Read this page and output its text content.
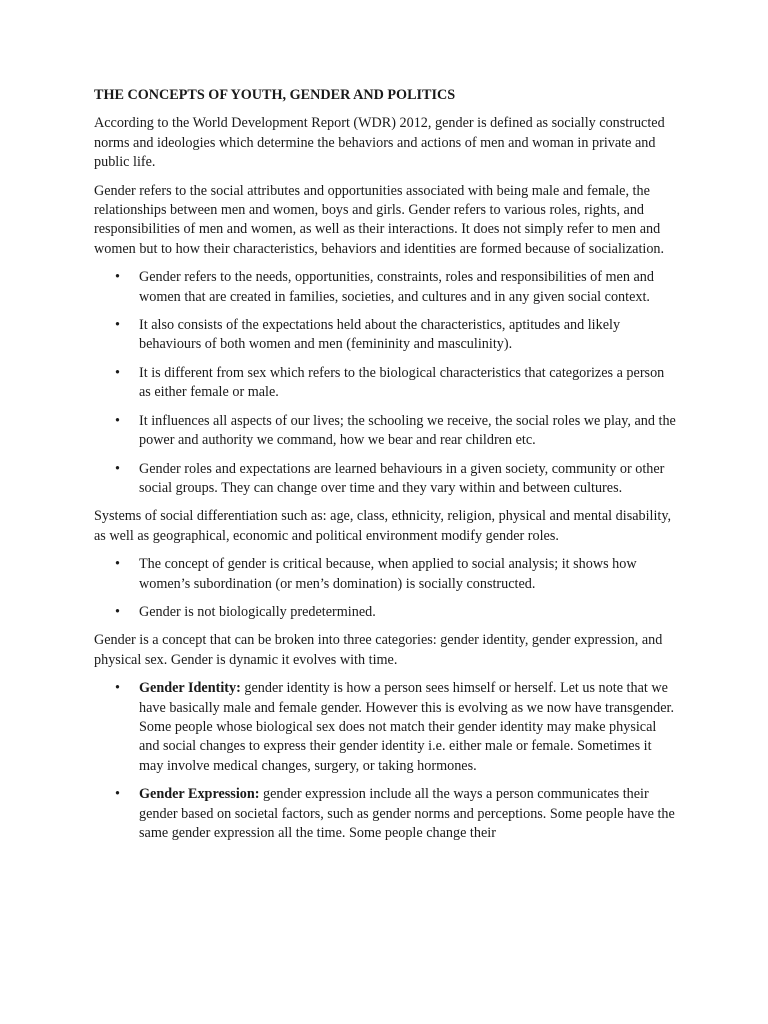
THE CONCEPTS OF YOUTH, GENDER AND POLITICS

According to the World Development Report (WDR) 2012, gender is defined as socially constructed norms and ideologies which determine the behaviors and actions of men and woman in private and public life.

Gender refers to the social attributes and opportunities associated with being male and female, the relationships between men and women, boys and girls. Gender refers to various roles, rights, and responsibilities of men and women, as well as their interactions. It does not simply refer to men and women but to how their characteristics, behaviors and identities are formed because of socialization.

• Gender refers to the needs, opportunities, constraints, roles and responsibilities of men and women that are created in families, societies, and cultures and in any given social context.
• It also consists of the expectations held about the characteristics, aptitudes and likely behaviours of both women and men (femininity and masculinity).
• It is different from sex which refers to the biological characteristics that categorizes a person as either female or male.
• It influences all aspects of our lives; the schooling we receive, the social roles we play, and the power and authority we command, how we bear and rear children etc.
• Gender roles and expectations are learned behaviours in a given society, community or other social groups. They can change over time and they vary within and between cultures.

Systems of social differentiation such as: age, class, ethnicity, religion, physical and mental disability, as well as geographical, economic and political environment modify gender roles.

• The concept of gender is critical because, when applied to social analysis; it shows how women’s subordination (or men’s domination) is socially constructed.
• Gender is not biologically predetermined.

Gender is a concept that can be broken into three categories: gender identity, gender expression, and physical sex. Gender is dynamic it evolves with time.

• Gender Identity: gender identity is how a person sees himself or herself. Let us note that we have basically male and female gender. However this is evolving as we now have transgender. Some people whose biological sex does not match their gender identity may make physical and social changes to express their gender identity i.e. either male or female. Sometimes it may involve medical changes, surgery, or taking hormones.
• Gender Expression: gender expression include all the ways a person communicates their gender based on societal factors, such as gender norms and perceptions. Some people have the same gender expression all the time. Some people change their
